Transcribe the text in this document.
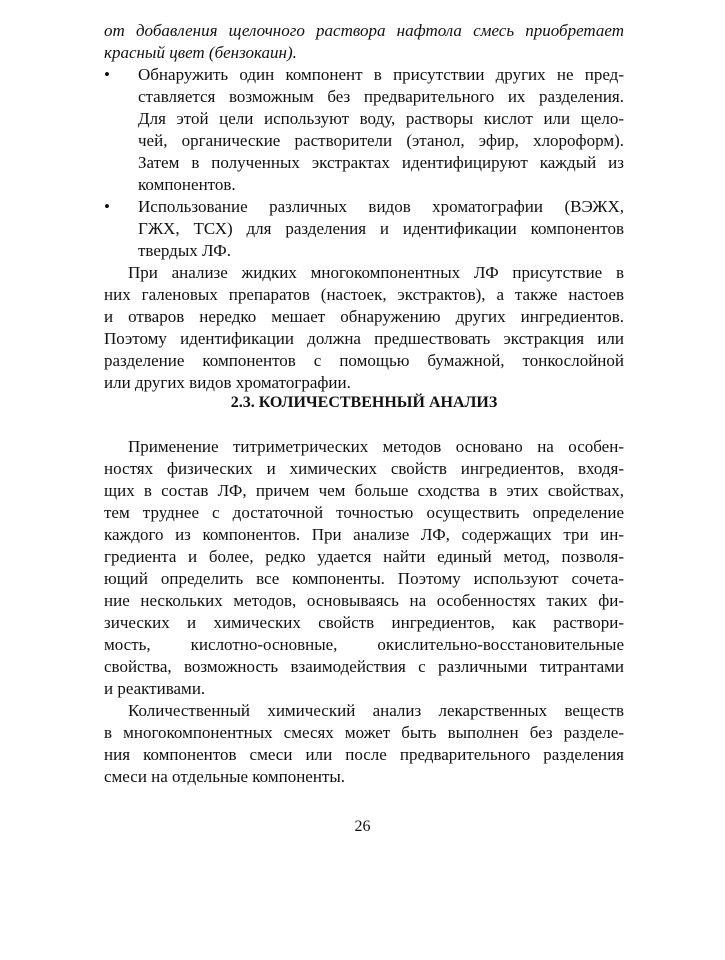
от добавления щелочного раствора нафтола смесь приобретает
красный цвет (бензокаин).
• Обнаружить один компонент в присутствии других не пред-
ставляется возможным без предварительного их разделения.
Для этой цели используют воду, растворы кислот или щело-
чей, органические растворители (этанол, эфир, хлороформ).
Затем в полученных экстрактах идентифицируют каждый из
компонентов.
• Использование различных видов хроматографии (ВЭЖХ,
ГЖХ, ТСХ) для разделения и идентификации компонентов
твердых ЛФ.
При анализе жидких многокомпонентных ЛФ присутствие в
них галеновых препаратов (настоек, экстрактов), а также настоев
и отваров нередко мешает обнаружению других ингредиентов.
Поэтому идентификации должна предшествовать экстракция или
разделение компонентов с помощью бумажной, тонкослойной
или других видов хроматографии.
2.3. КОЛИЧЕСТВЕННЫЙ АНАЛИЗ
Применение титриметрических методов основано на особен-
ностях физических и химических свойств ингредиентов, входя-
щих в состав ЛФ, причем чем больше сходства в этих свойствах,
тем труднее с достаточной точностью осуществить определение
каждого из компонентов. При анализе ЛФ, содержащих три ин-
гредиента и более, редко удается найти единый метод, позволя-
ющий определить все компоненты. Поэтому используют сочета-
ние нескольких методов, основываясь на особенностях таких фи-
зических и химических свойств ингредиентов, как раствори-
мость, кислотно-основные, окислительно-восстановительные
свойства, возможность взаимодействия с различными титрантами
и реактивами.
Количественный химический анализ лекарственных веществ
в многокомпонентных смесях может быть выполнен без разделе-
ния компонентов смеси или после предварительного разделения
смеси на отдельные компоненты.
26
